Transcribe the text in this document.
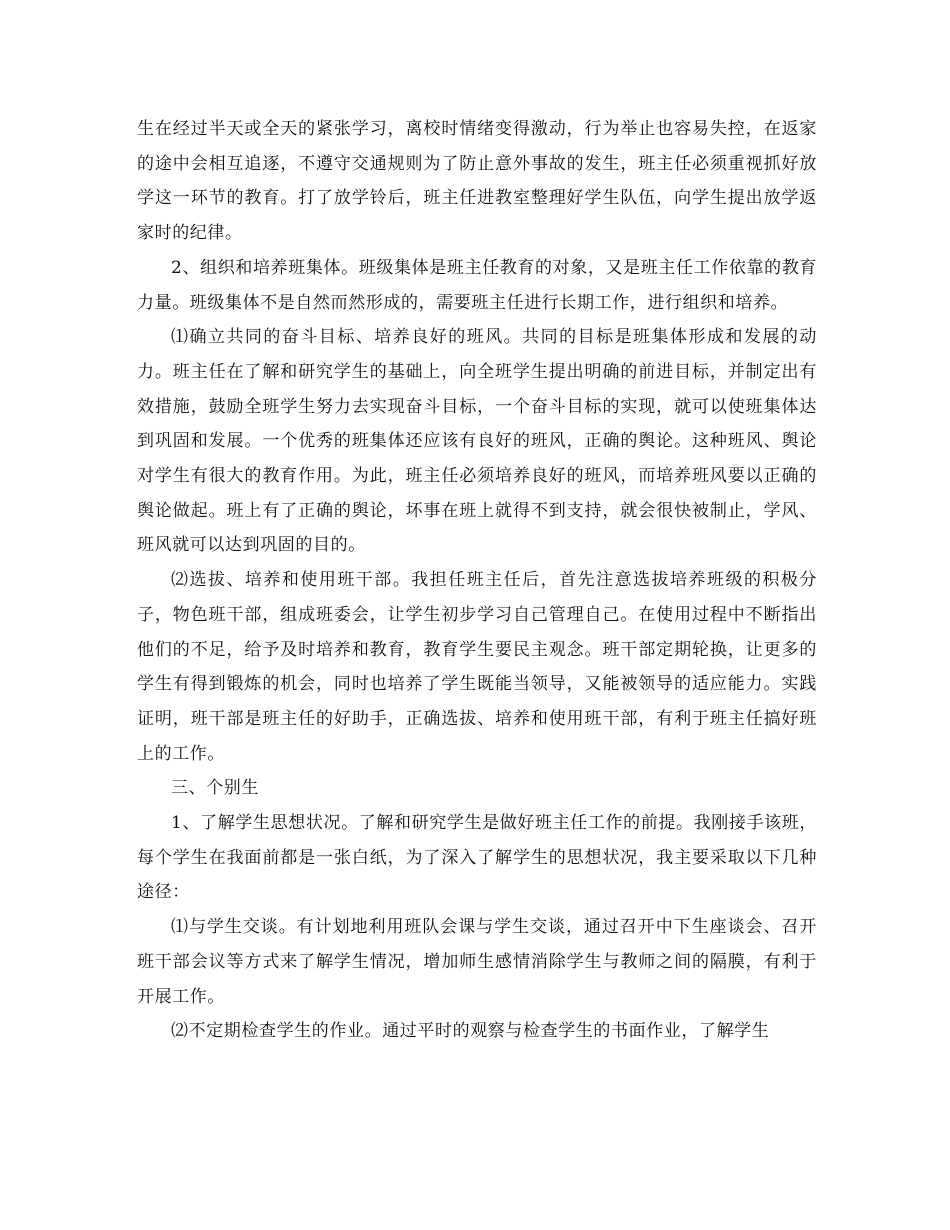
生在经过半天或全天的紧张学习，离校时情绪变得激动，行为举止也容易失控，在返家的途中会相互追逐，不遵守交通规则为了防止意外事故的发生，班主任必须重视抓好放学这一环节的教育。打了放学铃后，班主任进教室整理好学生队伍，向学生提出放学返家时的纪律。

2、组织和培养班集体。班级集体是班主任教育的对象，又是班主任工作依靠的教育力量。班级集体不是自然而然形成的，需要班主任进行长期工作，进行组织和培养。

⑴确立共同的奋斗目标、培养良好的班风。共同的目标是班集体形成和发展的动力。班主任在了解和研究学生的基础上，向全班学生提出明确的前进目标，并制定出有效措施，鼓励全班学生努力去实现奋斗目标，一个奋斗目标的实现，就可以使班集体达到巩固和发展。一个优秀的班集体还应该有良好的班风，正确的舆论。这种班风、舆论对学生有很大的教育作用。为此，班主任必须培养良好的班风，而培养班风要以正确的舆论做起。班上有了正确的舆论，坏事在班上就得不到支持，就会很快被制止，学风、班风就可以达到巩固的目的。

⑵选拔、培养和使用班干部。我担任班主任后，首先注意选拔培养班级的积极分子，物色班干部，组成班委会，让学生初步学习自己管理自己。在使用过程中不断指出他们的不足，给予及时培养和教育，教育学生要民主观念。班干部定期轮换，让更多的学生有得到锻炼的机会，同时也培养了学生既能当领导，又能被领导的适应能力。实践证明，班干部是班主任的好助手，正确选拔、培养和使用班干部，有利于班主任搞好班上的工作。

三、个别生

1、了解学生思想状况。了解和研究学生是做好班主任工作的前提。我刚接手该班，每个学生在我面前都是一张白纸，为了深入了解学生的思想状况，我主要采取以下几种途径：

⑴与学生交谈。有计划地利用班队会课与学生交谈，通过召开中下生座谈会、召开班干部会议等方式来了解学生情况，增加师生感情消除学生与教师之间的隔膜，有利于开展工作。

⑵不定期检查学生的作业。通过平时的观察与检查学生的书面作业，了解学生
